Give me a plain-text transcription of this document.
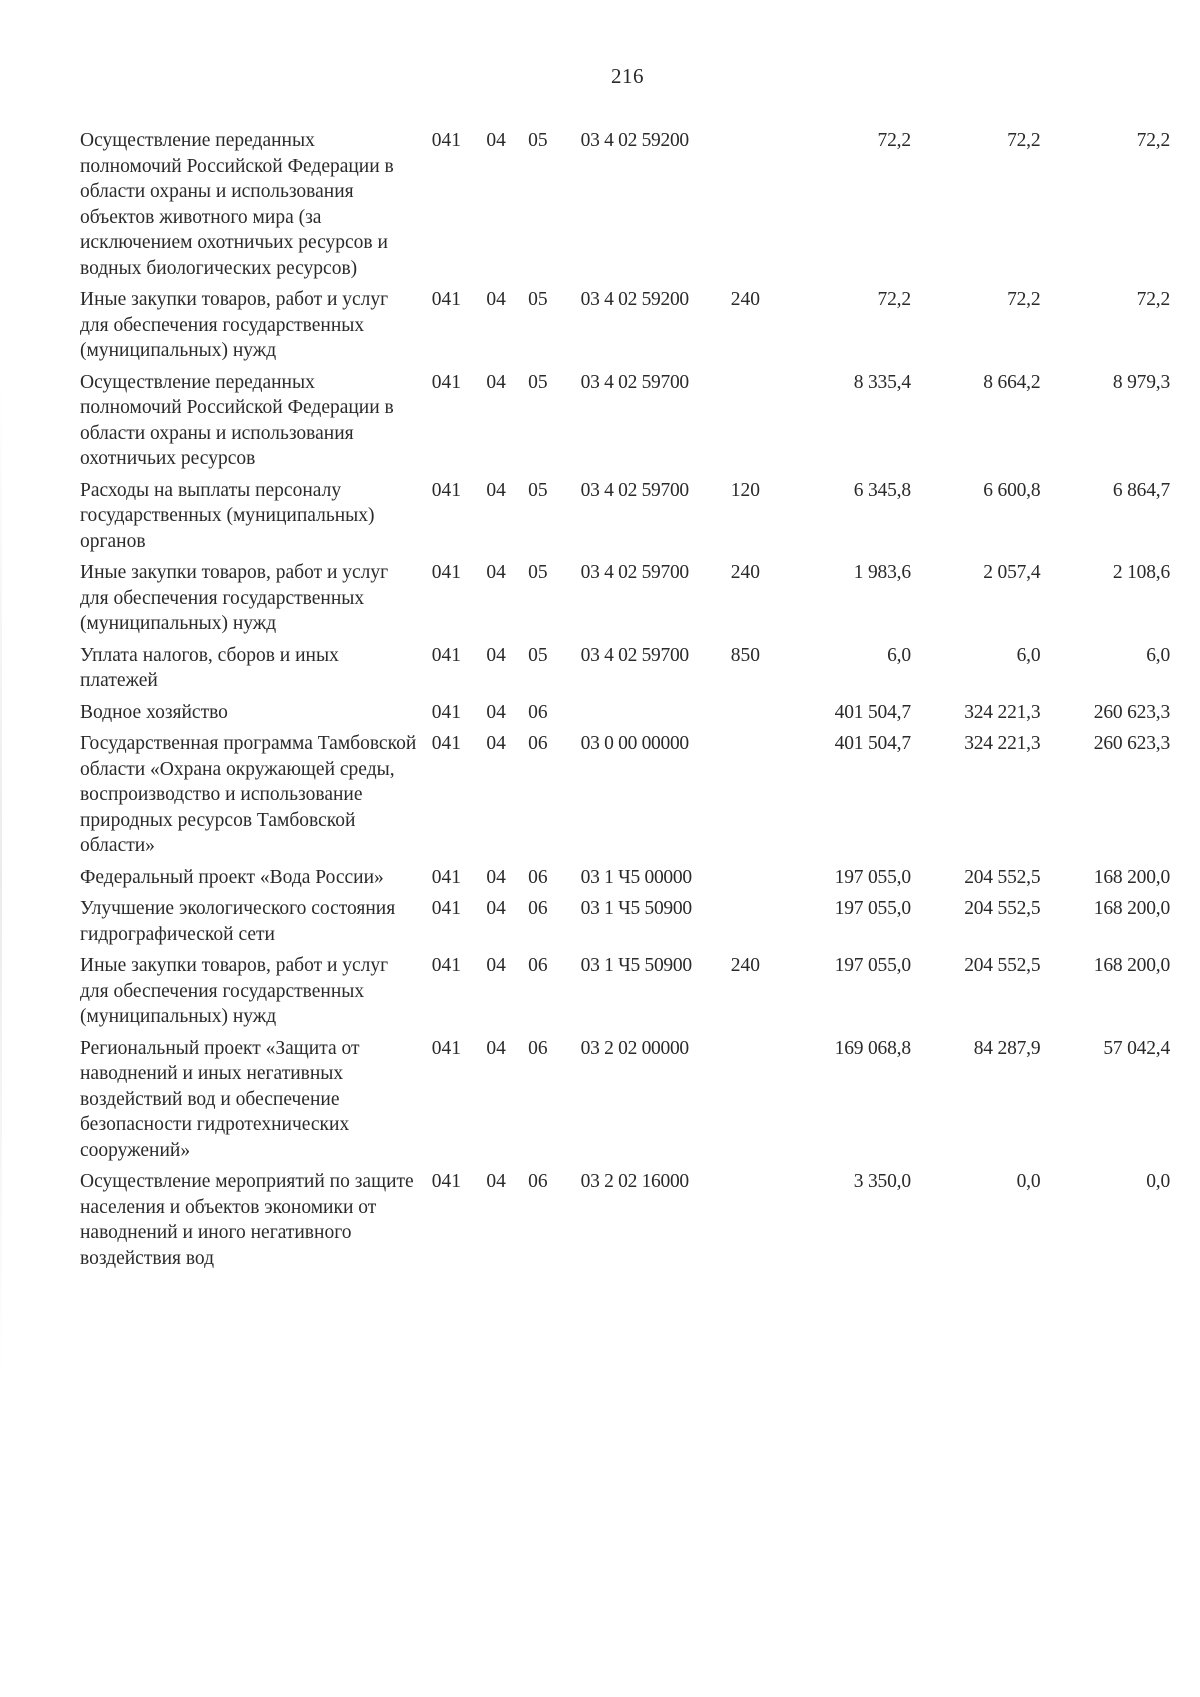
216
Осуществление переданных полномочий Российской Федерации в области охраны и использования объектов животного мира (за исключением охотничьих ресурсов и водных биологических ресурсов)	041	04	05	03 4 02 59200		72,2	72,2	72,2
Иные закупки товаров, работ и услуг для обеспечения государственных (муниципальных) нужд	041	04	05	03 4 02 59200	240	72,2	72,2	72,2
Осуществление переданных полномочий Российской Федерации в области охраны и использования охотничьих ресурсов	041	04	05	03 4 02 59700		8 335,4	8 664,2	8 979,3
Расходы на выплаты персоналу государственных (муниципальных) органов	041	04	05	03 4 02 59700	120	6 345,8	6 600,8	6 864,7
Иные закупки товаров, работ и услуг для обеспечения государственных (муниципальных) нужд	041	04	05	03 4 02 59700	240	1 983,6	2 057,4	2 108,6
Уплата налогов, сборов и иных платежей	041	04	05	03 4 02 59700	850	6,0	6,0	6,0
Водное хозяйство	041	04	06			401 504,7	324 221,3	260 623,3
Государственная программа Тамбовской области «Охрана окружающей среды, воспроизводство и использование природных ресурсов Тамбовской области»	041	04	06	03 0 00 00000		401 504,7	324 221,3	260 623,3
Федеральный проект «Вода России»	041	04	06	03 1 Ч5 00000		197 055,0	204 552,5	168 200,0
Улучшение экологического состояния гидрографической сети	041	04	06	03 1 Ч5 50900		197 055,0	204 552,5	168 200,0
Иные закупки товаров, работ и услуг для обеспечения государственных (муниципальных) нужд	041	04	06	03 1 Ч5 50900	240	197 055,0	204 552,5	168 200,0
Региональный проект «Защита от наводнений и иных негативных воздействий вод и обеспечение безопасности гидротехнических сооружений»	041	04	06	03 2 02 00000		169 068,8	84 287,9	57 042,4
Осуществление мероприятий по защите населения и объектов экономики от наводнений и иного негативного воздействия вод	041	04	06	03 2 02 16000		3 350,0	0,0	0,0
